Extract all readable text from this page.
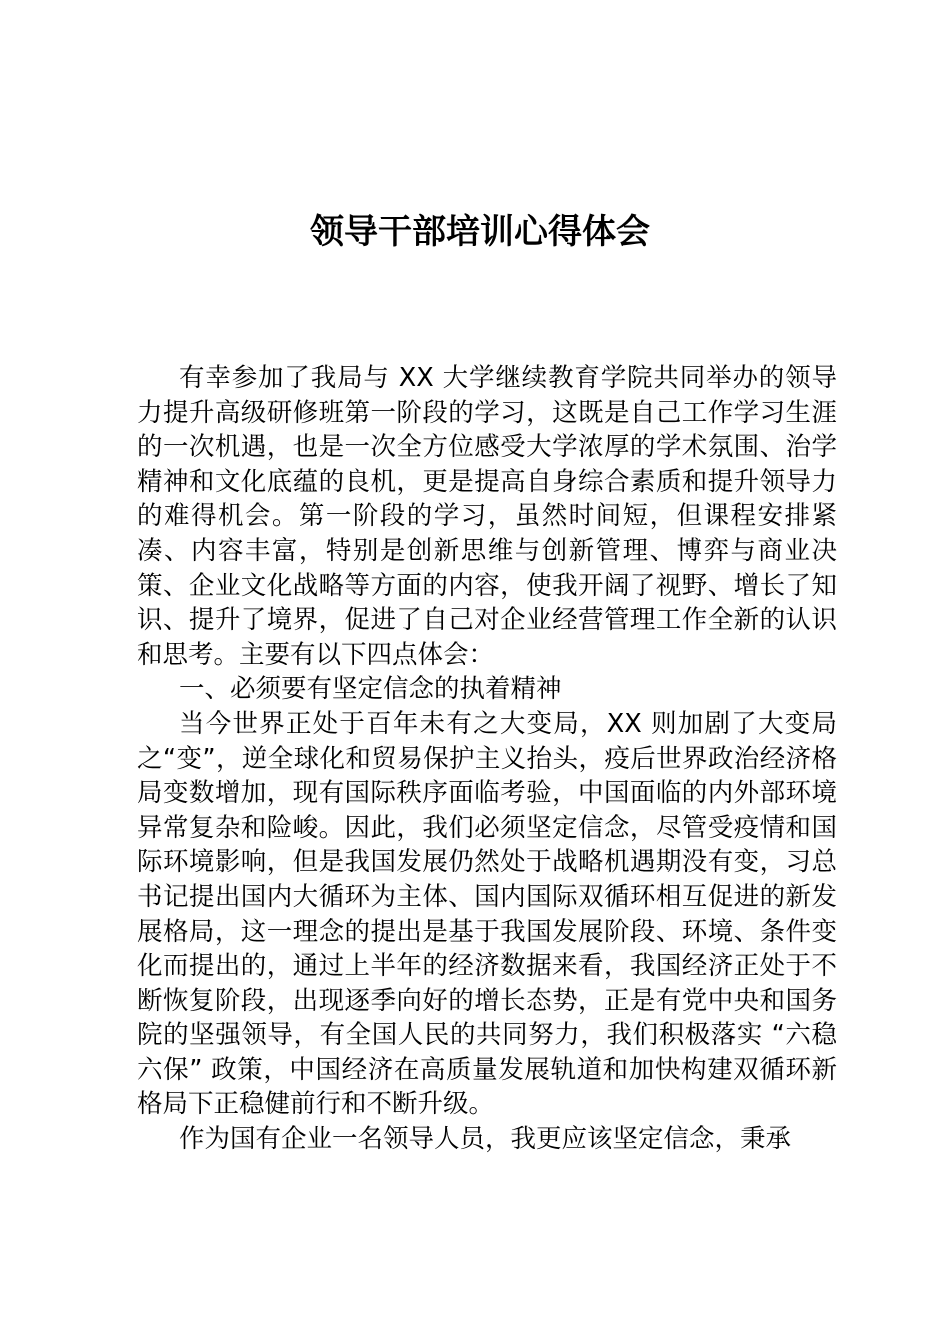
领导干部培训心得体会

有幸参加了我局与 XX 大学继续教育学院共同举办的领导力提升高级研修班第一阶段的学习，这既是自己工作学习生涯的一次机遇，也是一次全方位感受大学浓厚的学术氛围、治学精神和文化底蕴的良机，更是提高自身综合素质和提升领导力的难得机会。第一阶段的学习，虽然时间短，但课程安排紧凑、内容丰富，特别是创新思维与创新管理、博弈与商业决策、企业文化战略等方面的内容，使我开阔了视野、增长了知识、提升了境界，促进了自己对企业经营管理工作全新的认识和思考。主要有以下四点体会：

一、必须要有坚定信念的执着精神

当今世界正处于百年未有之大变局，XX 则加剧了大变局之“变”，逆全球化和贸易保护主义抬头，疫后世界政治经济格局变数增加，现有国际秩序面临考验，中国面临的内外部环境异常复杂和险峻。因此，我们必须坚定信念，尽管受疫情和国际环境影响，但是我国发展仍然处于战略机遇期没有变，习总书记提出国内大循环为主体、国内国际双循环相互促进的新发展格局，这一理念的提出是基于我国发展阶段、环境、条件变化而提出的，通过上半年的经济数据来看，我国经济正处于不断恢复阶段，出现逐季向好的增长态势，正是有党中央和国务院的坚强领导，有全国人民的共同努力，我们积极落实 “六稳六保” 政策，中国经济在高质量发展轨道和加快构建双循环新格局下正稳健前行和不断升级。

作为国有企业一名领导人员，我更应该坚定信念，秉承
